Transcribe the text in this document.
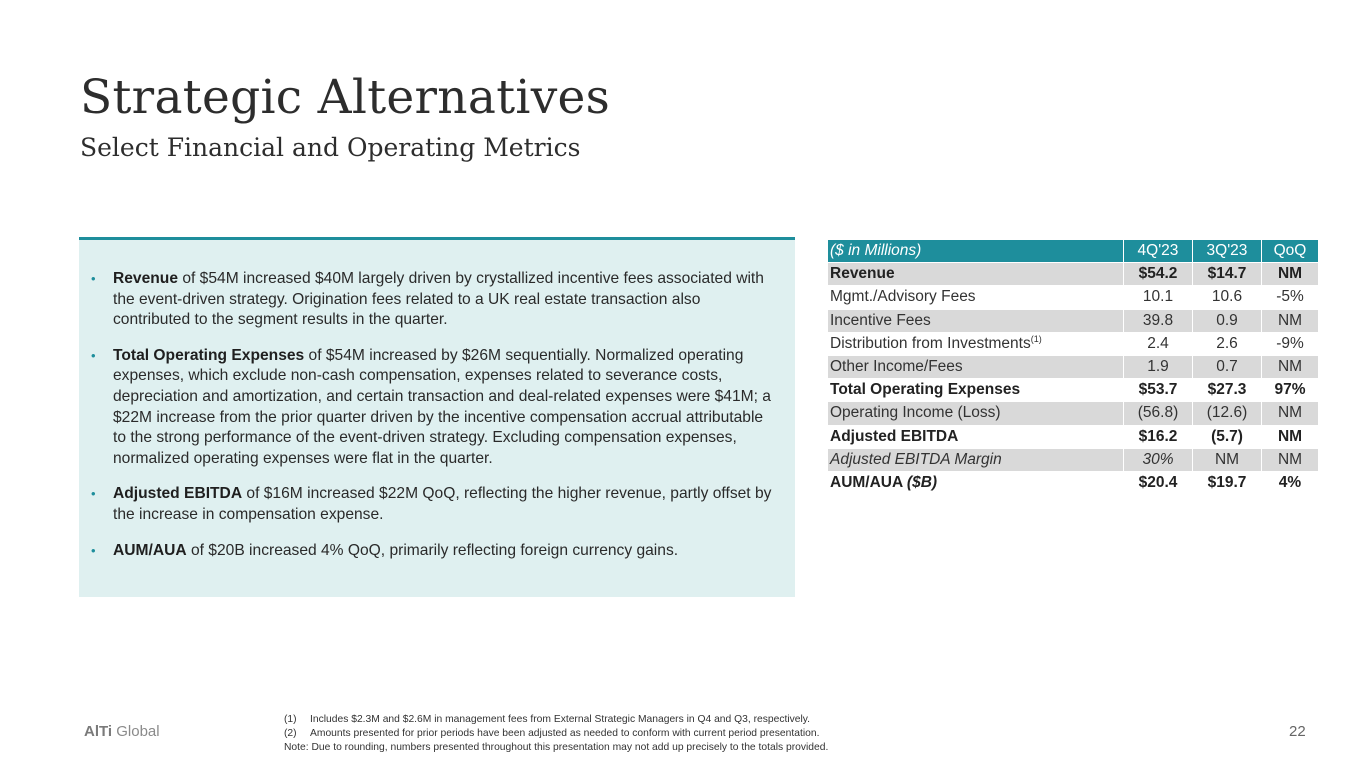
Strategic Alternatives
Select Financial and Operating Metrics
• Revenue of $54M increased $40M largely driven by crystallized incentive fees associated with the event-driven strategy. Origination fees related to a UK real estate transaction also contributed to the segment results in the quarter.
• Total Operating Expenses of $54M increased by $26M sequentially. Normalized operating expenses, which exclude non-cash compensation, expenses related to severance costs, depreciation and amortization, and certain transaction and deal-related expenses were $41M; a $22M increase from the prior quarter driven by the incentive compensation accrual attributable to the strong performance of the event-driven strategy. Excluding compensation expenses, normalized operating expenses were flat in the quarter.
• Adjusted EBITDA of $16M increased $22M QoQ, reflecting the higher revenue, partly offset by the increase in compensation expense.
• AUM/AUA of $20B increased 4% QoQ, primarily reflecting foreign currency gains.
($ in Millions)	4Q'23	3Q'23	QoQ
Revenue	$54.2	$14.7	NM
Mgmt./Advisory Fees	10.1	10.6	-5%
Incentive Fees	39.8	0.9	NM
Distribution from Investments$^{(1)}$	2.4	2.6	-9%
Other Income/Fees	1.9	0.7	NM
Total Operating Expenses	$53.7	$27.3	97%
Operating Income (Loss)	(56.8)	(12.6)	NM
Adjusted EBITDA	$16.2	(5.7)	NM
Adjusted EBITDA Margin	30%	NM	NM
AUM/AUA ($B)	$20.4	$19.7	4%
AlTi Global
(1) Includes $2.3M and $2.6M in management fees from External Strategic Managers in Q4 and Q3, respectively.
(2) Amounts presented for prior periods have been adjusted as needed to conform with current period presentation.
Note: Due to rounding, numbers presented throughout this presentation may not add up precisely to the totals provided.
22
